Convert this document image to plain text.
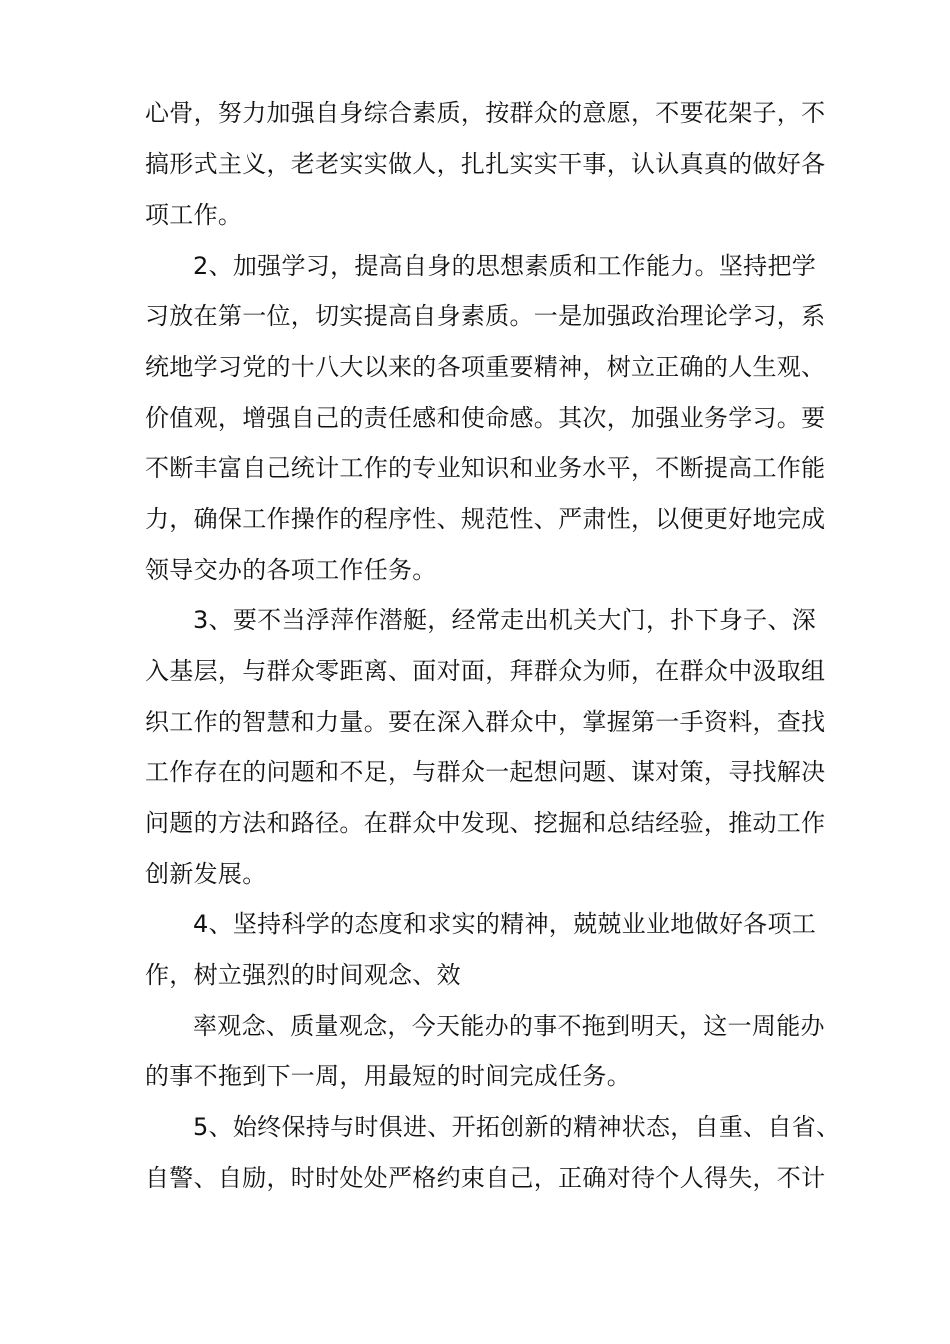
心骨，努力加强自身综合素质，按群众的意愿，不要花架子，不
搞形式主义，老老实实做人，扎扎实实干事，认认真真的做好各
项工作。
2、加强学习，提高自身的思想素质和工作能力。坚持把学
习放在第一位，切实提高自身素质。一是加强政治理论学习，系
统地学习党的十八大以来的各项重要精神，树立正确的人生观、
价值观，增强自己的责任感和使命感。其次，加强业务学习。要
不断丰富自己统计工作的专业知识和业务水平，不断提高工作能
力，确保工作操作的程序性、规范性、严肃性，以便更好地完成
领导交办的各项工作任务。
3、要不当浮萍作潜艇，经常走出机关大门，扑下身子、深
入基层，与群众零距离、面对面，拜群众为师，在群众中汲取组
织工作的智慧和力量。要在深入群众中，掌握第一手资料，查找
工作存在的问题和不足，与群众一起想问题、谋对策，寻找解决
问题的方法和路径。在群众中发现、挖掘和总结经验，推动工作
创新发展。
4、坚持科学的态度和求实的精神，兢兢业业地做好各项工
作，树立强烈的时间观念、效
率观念、质量观念，今天能办的事不拖到明天，这一周能办
的事不拖到下一周，用最短的时间完成任务。
5、始终保持与时俱进、开拓创新的精神状态，自重、自省、
自警、自励，时时处处严格约束自己，正确对待个人得失，不计
